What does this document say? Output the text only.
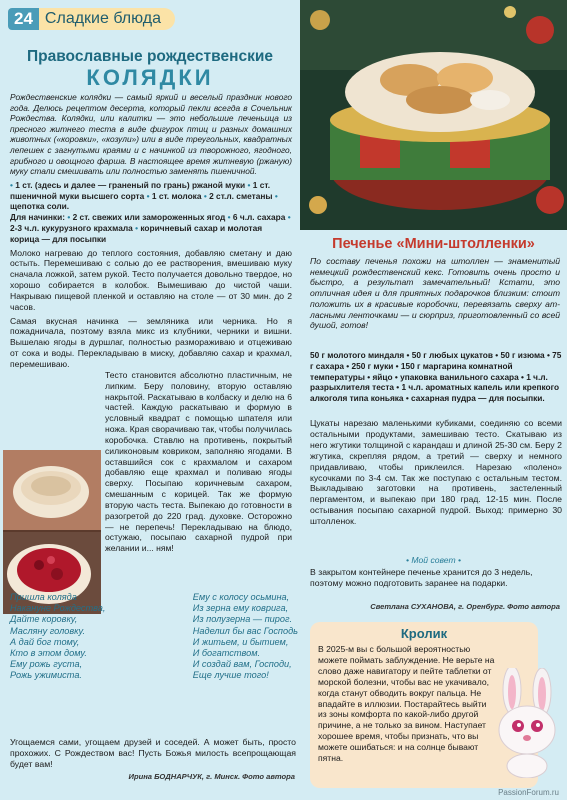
24 Сладкие блюда
Православные рождественские
КОЛЯДКИ

Рождественские колядки — самый яркий и веселый праздник нового года. Делюсь рецептом десерта, который пекли всегда в Сочельник Рождества. Колядки, или калитки — это небольшие печеньица из пресного житнего теста в виде фигурок птиц и разных домашних животных («коровки», «козули») или в виде треугольных, квадратных лепешек с загнутыми краями и с начинкой из творожного, ягодного, грибного и овощного фарша. В настоящее время житневую (ржаную) муку стали смешивать или полностью заменять пшеничной.

• 1 ст. (здесь и далее — граненый по грань) ржаной муки • 1 ст. пшеничной муки высшего сорта • 1 ст. молока • 2 ст.л. сметаны • щепотка соли.
Для начинки: • 2 ст. свежих или замороженных ягод • 6 ч.л. сахара • 2-3 ч.л. кукурузного крахмала • коричневый сахар и молотая корица — для посыпки

Молоко нагреваю до теплого состояния, добавляю сметану и даю остыть. Перемешиваю с солью до ее растворения, вмешиваю муку сначала ложкой, затем рукой. Тесто получается довольно твердое, но хорошо собирается в колобок. Вымешиваю до чистой чаши. Накрываю пищевой пленкой и оставляю на столе — от 30 мин. до 2 часов.

Самая вкусная начинка — земляника или черника. Но я пожадничала, поэтому взяла микс из клубники, черники и вишни. Вышелаю ягоды в дуршлаг, полностью размораживаю и отцеживаю от сока и воды. Перекладываю в миску, добавляю сахар и крахмал, перемешиваю.

Тесто становится абсолютно пластичным, не липким. Беру половину, вторую оставляю накрытой. Раскатываю в колбаску и делю на 6 частей. Каждую раскатываю и формую в условный квадрат с помощью шпателя или ножа. Края сворачиваю так, чтобы получилась коробочка. Ставлю на противень, покрытый силиконовым ковриком, заполняю ягодами. В оставшийся сок с крахмалом и сахаром добавляю еще крахмал и поливаю ягоды сверху. Посыпаю коричневым сахаром, смешанным с корицей. Так же формую вторую часть теста. Выпекаю до готовности в разогретой до 220 град. духовке. Осторожно — не перепечь! Перекладываю на блюдо, остужаю, посыпаю сахарной пудрой при желании и... ням!

Пришла коляда
Накануне Рождества,
Дайте коровку,
Масляну головку.
А дай бог тому,
Кто в этом дому.
Ему рожь густа,
Рожь ужимиста.
Ему с колосу осьмина,
Из зерна ему коврига,
Из полузерна — пирог.
Наделил бы вас Господь
И житьем, и бытием,
И богатством.
И создай вам, Господи,
Еще лучше того!

Угощаемся сами, угощаем друзей и соседей. А может быть, просто прохожих. С Рождеством вас! Пусть Божья милость всепрощающая будет вам!

Ирина БОДНАРЧУК, г. Минск. Фото автора
Печенье «Мини-штолленки»

По составу печенья похожи на штоллен — знаменитый немецкий рождественский кекс. Готовить очень просто и быстро, а результат замечательный! Кстати, это отличная идея и для приятных подарочков близким: стоит положить их в красивые коробочки, перевязать сверху атласными ленточками — и сюрприз, приготовленный со всей душой, готов!

50 г молотого миндаля • 50 г любых цукатов • 50 г изюма • 75 г сахара • 250 г муки • 150 г маргарина комнатной температуры • яйцо • упаковка ванильного сахара • 1 ч.л. разрыхлителя теста • 1 ч.л. ароматных капель или крепкого алкоголя типа коньяка • сахарная пудра — для посыпки.

Цукаты нарезаю маленькими кубиками, соединяю со всеми остальными продуктами, замешиваю тесто. Скатываю из него жгутики толщиной с карандаш и длиной 25-30 см. Беру 2 жгутика, скрепляя рядом, а третий — сверху и немного придавливаю, чтобы приклеился. Нарезаю «полено» кусочками по 3-4 см. Так же поступаю с остальным тестом. Выкладываю заготовки на противень, застеленный пергаментом, и выпекаю при 180 град. 12-15 мин. После остывания посыпаю сахарной пудрой. Выход: примерно 30 штолленок.

• Мой совет •

В закрытом контейнере печенье хранится до 3 недель, поэтому можно подготовить заранее на подарки.

Светлана СУХАНОВА, г. Оренбург. Фото автора
Кролик

В 2025-м вы с большой вероятностью можете поймать заблуждение. Не верьте на слово даже навигатору и пейте таблетки от морской болезни, чтобы вас не укачивало, когда станут обводить вокруг пальца. Не впадайте в иллюзии. Постарайтесь выйти из зоны комфорта по какой-либо другой причине, а не только за вином. Наступает хорошее время, чтобы признать, что вы можете ошибаться: и на солнце бывают пятна.

PassionForum.ru
